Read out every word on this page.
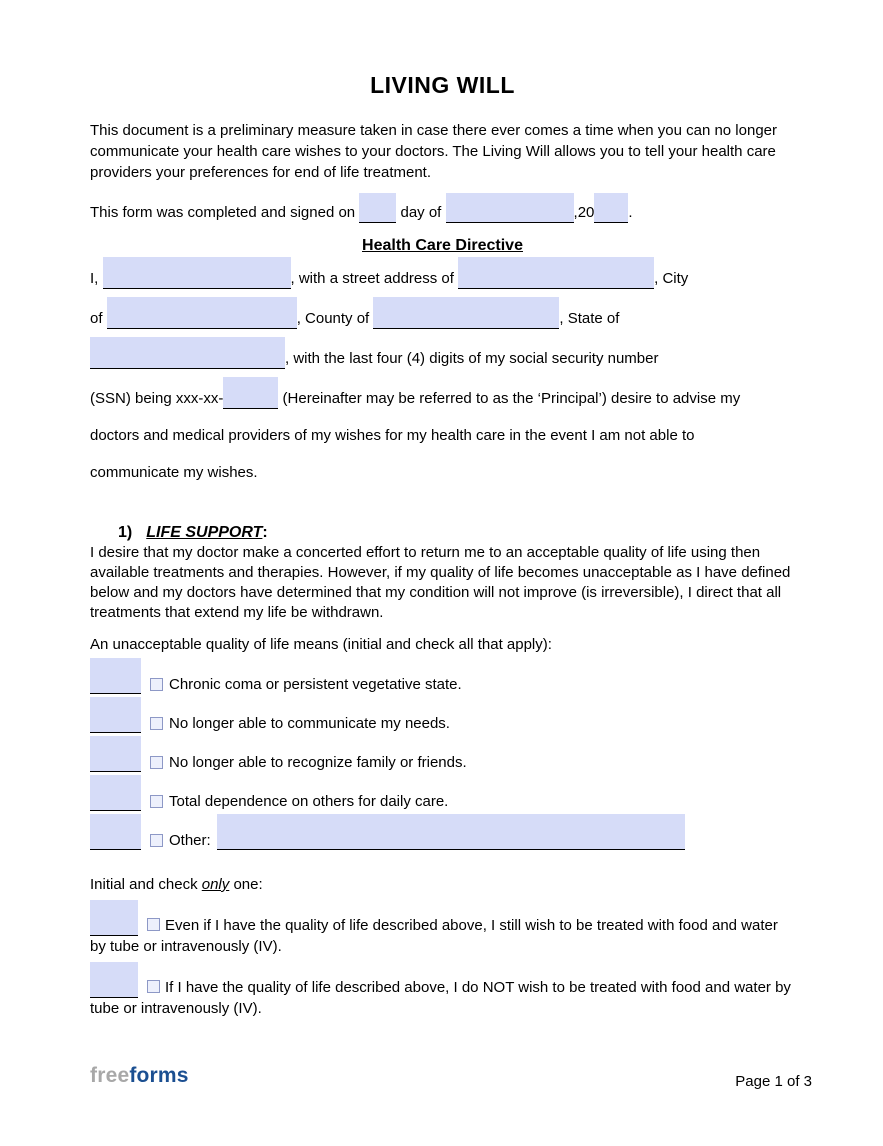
LIVING WILL

This document is a preliminary measure taken in case there ever comes a time when you can no longer communicate your health care wishes to your doctors. The Living Will allows you to tell your health care providers your preferences for end of life treatment.

This form was completed and signed on	day of	,20 .

Health Care Directive

I,	, with a street address of	, City
of	, County of	, State of
, with the last four (4) digits of my social security number
(SSN) being xxx-xx-	(Hereinafter may be referred to as the ‘Principal’) desire to advise my
doctors and medical providers of my wishes for my health care in the event I am not able to
communicate my wishes.

1) LIFE SUPPORT:

I desire that my doctor make a concerted effort to return me to an acceptable quality of life using then available treatments and therapies. However, if my quality of life becomes unacceptable as I have defined below and my doctors have determined that my condition will not improve (is irreversible), I direct that all treatments that extend my life be withdrawn.

An unacceptable quality of life means (initial and check all that apply):

Chronic coma or persistent vegetative state.
No longer able to communicate my needs.
No longer able to recognize family or friends.
Total dependence on others for daily care.
Other:

Initial and check only one:

Even if I have the quality of life described above, I still wish to be treated with food and water by tube or intravenously (IV).

If I have the quality of life described above, I do NOT wish to be treated with food and water by tube or intravenously (IV).

freeforms	Page 1 of 3
